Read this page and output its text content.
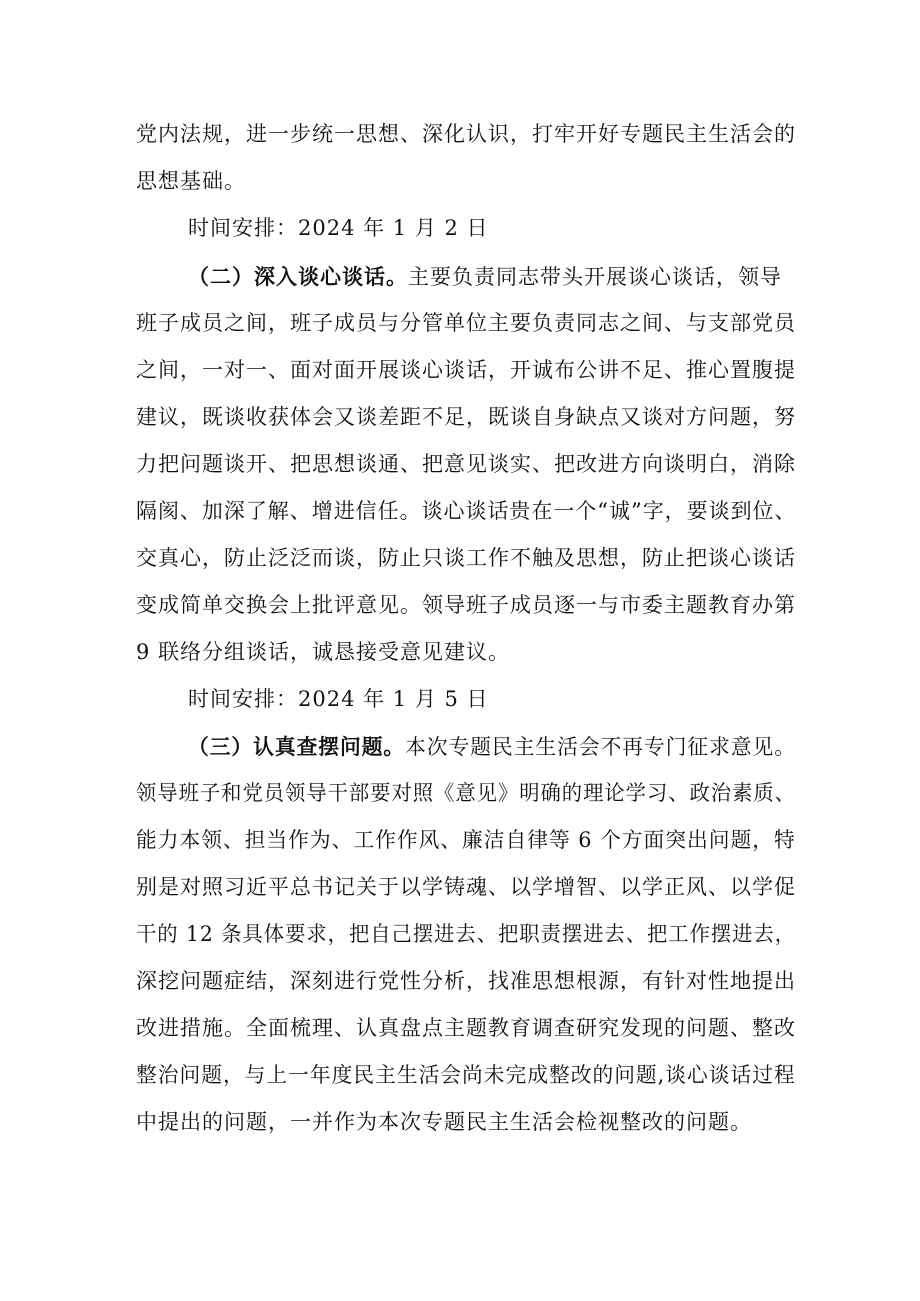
党内法规，进一步统一思想、深化认识，打牢开好专题民主生活会的
思想基础。
时间安排：2024 年 1 月 2 日
（二）深入谈心谈话。主要负责同志带头开展谈心谈话，领导
班子成员之间，班子成员与分管单位主要负责同志之间、与支部党员
之间，一对一、面对面开展谈心谈话，开诚布公讲不足、推心置腹提
建议，既谈收获体会又谈差距不足，既谈自身缺点又谈对方问题，努
力把问题谈开、把思想谈通、把意见谈实、把改进方向谈明白，消除
隔阂、加深了解、增进信任。谈心谈话贵在一个“诚”字，要谈到位、
交真心，防止泛泛而谈，防止只谈工作不触及思想，防止把谈心谈话
变成简单交换会上批评意见。领导班子成员逐一与市委主题教育办第
9 联络分组谈话，诚恳接受意见建议。
时间安排：2024 年 1 月 5 日
（三）认真查摆问题。本次专题民主生活会不再专门征求意见。
领导班子和党员领导干部要对照《意见》明确的理论学习、政治素质、
能力本领、担当作为、工作作风、廉洁自律等 6 个方面突出问题，特
别是对照习近平总书记关于以学铸魂、以学增智、以学正风、以学促
干的 12 条具体要求，把自己摆进去、把职责摆进去、把工作摆进去，
深挖问题症结，深刻进行党性分析，找准思想根源，有针对性地提出
改进措施。全面梳理、认真盘点主题教育调查研究发现的问题、整改
整治问题，与上一年度民主生活会尚未完成整改的问题,谈心谈话过程
中提出的问题，一并作为本次专题民主生活会检视整改的问题。
